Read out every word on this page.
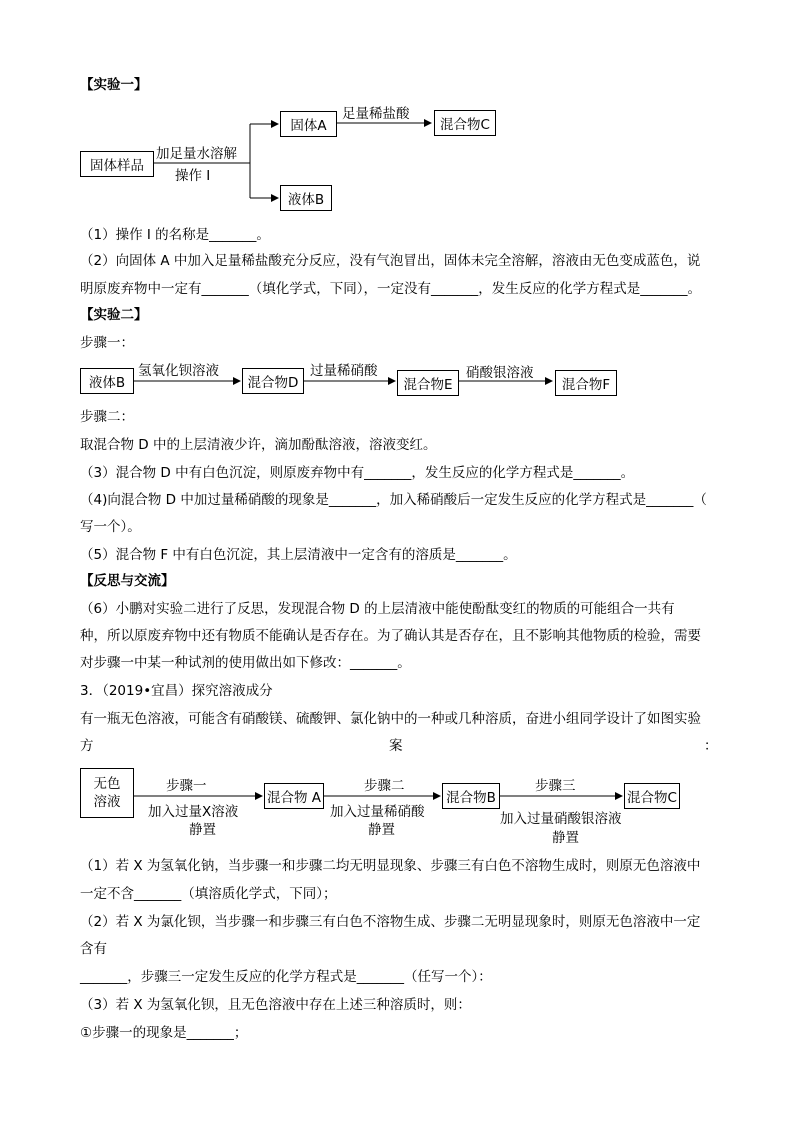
【实验一】
固体样品
加足量水溶解
操作 I
固体A
足量稀盐酸
混合物C
液体B
（1）操作 I 的名称是_______。
（2）向固体 A 中加入足量稀盐酸充分反应，没有气泡冒出，固体未完全溶解，溶液由无色变成蓝色，说
明原废弃物中一定有_______（填化学式，下同），一定没有_______，发生反应的化学方程式是_______。
【实验二】
步骤一：
液体B
氢氧化钡溶液
混合物D
过量稀硝酸
混合物E
硝酸银溶液
混合物F
步骤二：
取混合物 D 中的上层清液少许，滴加酚酞溶液，溶液变红。
（3）混合物 D 中有白色沉淀，则原废弃物中有_______，发生反应的化学方程式是_______。
（4)向混合物 D 中加过量稀硝酸的现象是_______，加入稀硝酸后一定发生反应的化学方程式是_______（
写一个）。
（5）混合物 F 中有白色沉淀，其上层清液中一定含有的溶质是_______。
【反思与交流】
（6）小鹏对实验二进行了反思，发现混合物 D 的上层清液中能使酚酞变红的物质的可能组合一共有
种，所以原废弃物中还有物质不能确认是否存在。为了确认其是否存在，且不影响其他物质的检验，需要
对步骤一中某一种试剂的使用做出如下修改：_______。
3．（2019•宜昌）探究溶液成分
有一瓶无色溶液，可能含有硝酸镁、硫酸钾、氯化钠中的一种或几种溶质，奋进小组同学设计了如图实验
方	案	：
无色
溶液
步骤一
加入过量X溶液
静置
混合物 A
步骤二
加入过量稀硝酸
静置
混合物B
步骤三
加入过量硝酸银溶液
静置
混合物C
（1）若 X 为氢氧化钠，当步骤一和步骤二均无明显现象、步骤三有白色不溶物生成时，则原无色溶液中
一定不含_______（填溶质化学式，下同）；
（2）若 X 为氯化钡，当步骤一和步骤三有白色不溶物生成、步骤二无明显现象时，则原无色溶液中一定
含有
_______，步骤三一定发生反应的化学方程式是_______（任写一个）：
（3）若 X 为氢氧化钡，且无色溶液中存在上述三种溶质时，则：
①步骤一的现象是_______；
